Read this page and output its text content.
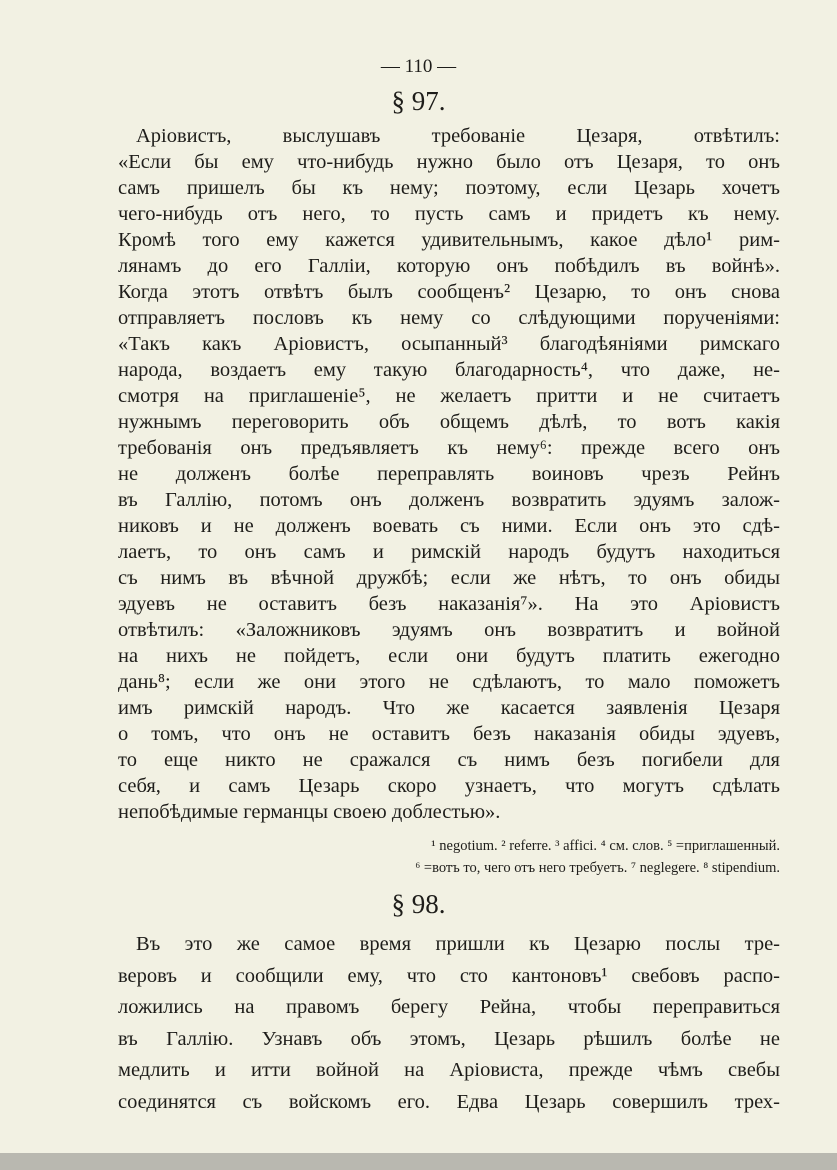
— 110 —
§ 97.
Аріовистъ, выслушавъ требованіе Цезаря, отвѣтилъ:
«Если бы ему что-нибудь нужно было отъ Цезаря, то онъ
самъ пришелъ бы къ нему; поэтому, если Цезарь хочетъ
чего-нибудь отъ него, то пусть самъ и придетъ къ нему.
Кромѣ того ему кажется удивительнымъ, какое дѣло¹ рим-
лянамъ до его Галліи, которую онъ побѣдилъ въ войнѣ».
Когда этотъ отвѣтъ былъ сообщенъ² Цезарю, то онъ снова
отправляетъ пословъ къ нему со слѣдующими порученіями:
«Такъ какъ Аріовистъ, осыпанный³ благодѣяніями римскаго
народа, воздаетъ ему такую благодарность⁴, что даже, не-
смотря на приглашеніе⁵, не желаетъ притти и не считаетъ
нужнымъ переговорить объ общемъ дѣлѣ, то вотъ какія
требованія онъ предъявляетъ къ нему⁶: прежде всего онъ
не долженъ болѣе переправлять воиновъ чрезъ Рейнъ
въ Галлію, потомъ онъ долженъ возвратить эдуямъ залож-
никовъ и не долженъ воевать съ ними. Если онъ это сдѣ-
лаетъ, то онъ самъ и римскій народъ будутъ находиться
съ нимъ въ вѣчной дружбѣ; если же нѣтъ, то онъ обиды
эдуевъ не оставитъ безъ наказанія⁷». На это Аріовистъ
отвѣтилъ: «Заложниковъ эдуямъ онъ возвратитъ и войной
на нихъ не пойдетъ, если они будутъ платить ежегодно
дань⁸; если же они этого не сдѣлаютъ, то мало поможетъ
имъ римскій народъ. Что же касается заявленія Цезаря
о томъ, что онъ не оставитъ безъ наказанія обиды эдуевъ,
то еще никто не сражался съ нимъ безъ погибели для
себя, и самъ Цезарь скоро узнаетъ, что могутъ сдѣлать
непобѣдимые германцы своею доблестью».
¹ negotium. ² referre. ³ affici. ⁴ см. слов. ⁵ =приглашенный.
⁶ =вотъ то, чего отъ него требуетъ. ⁷ neglegere. ⁸ stipendium.
§ 98.
Въ это же самое время пришли къ Цезарю послы тре-
веровъ и сообщили ему, что сто кантоновъ¹ свебовъ распо-
ложились на правомъ берегу Рейна, чтобы переправиться
въ Галлію. Узнавъ объ этомъ, Цезарь рѣшилъ болѣе не
медлить и итти войной на Аріовиста, прежде чѣмъ свебы
соединятся съ войскомъ его. Едва Цезарь совершилъ трех-
